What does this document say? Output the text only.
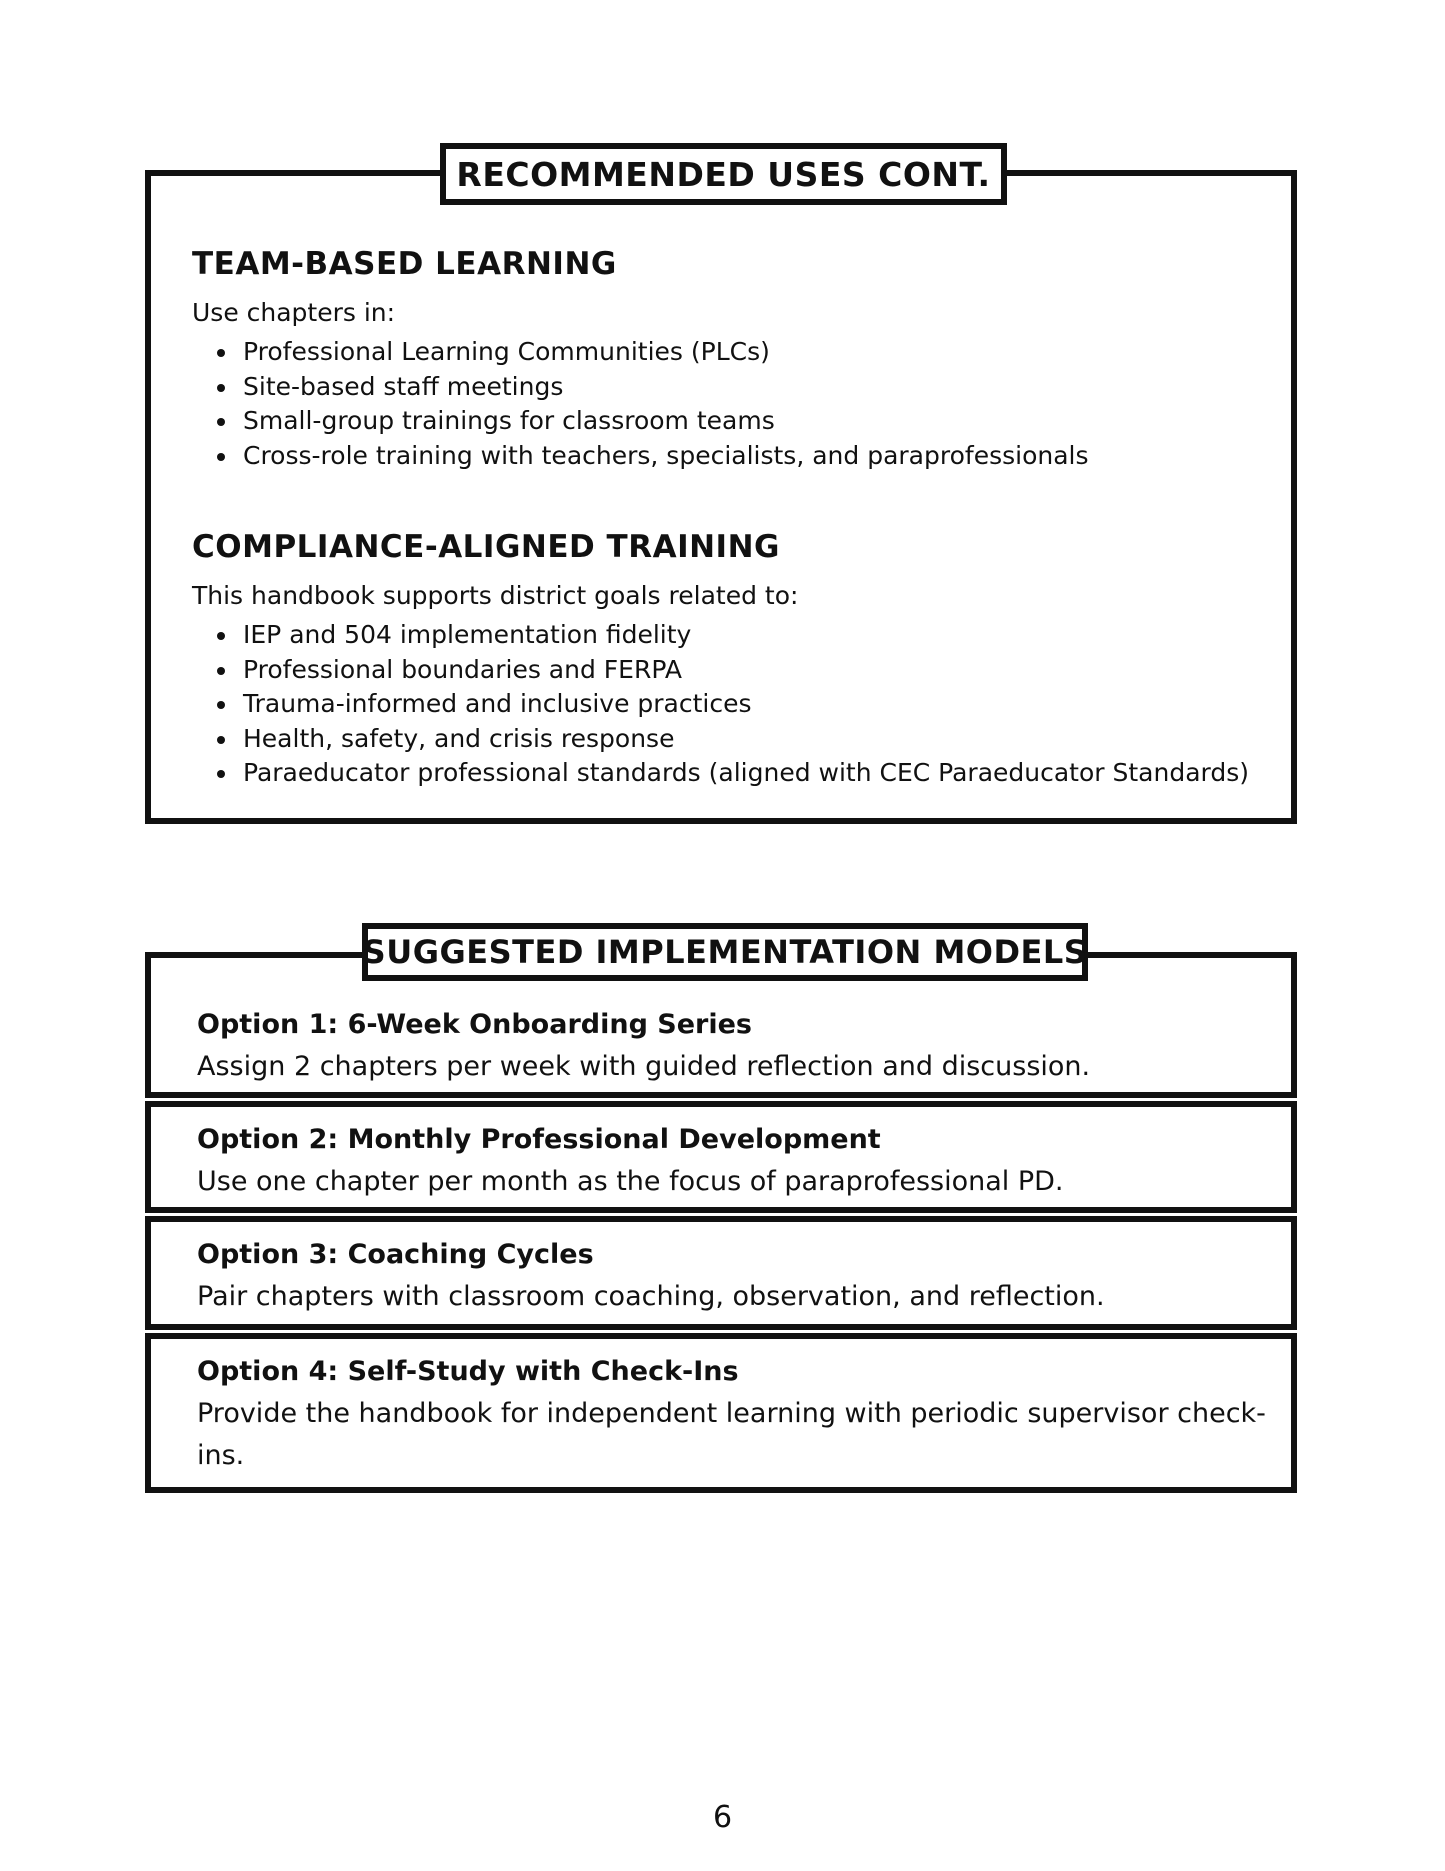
RECOMMENDED USES CONT.
TEAM-BASED LEARNING

Use chapters in:

• Professional Learning Communities (PLCs)
• Site-based staff meetings
• Small-group trainings for classroom teams
• Cross-role training with teachers, specialists, and paraprofessionals
COMPLIANCE-ALIGNED TRAINING

This handbook supports district goals related to:

• IEP and 504 implementation fidelity
• Professional boundaries and FERPA
• Trauma-informed and inclusive practices
• Health, safety, and crisis response
• Paraeducator professional standards (aligned with CEC Paraeducator Standards)
SUGGESTED IMPLEMENTATION MODELS

Option 1: 6-Week Onboarding Series

Assign 2 chapters per week with guided reflection and discussion.

Option 2: Monthly Professional Development

Use one chapter per month as the focus of paraprofessional PD.

Option 3: Coaching Cycles

Pair chapters with classroom coaching, observation, and reflection.

Option 4: Self-Study with Check-Ins

Provide the handbook for independent learning with periodic supervisor check-ins.

6
